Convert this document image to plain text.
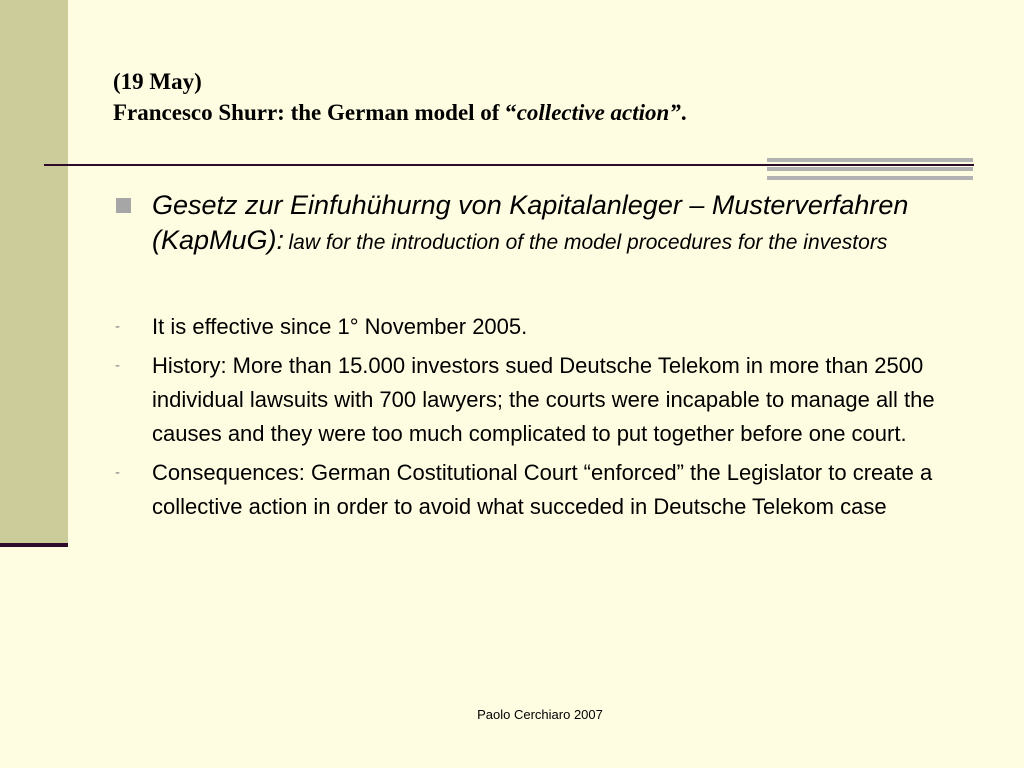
(19 May)
Francesco Shurr: the German model of “collective action”.
Gesetz zur Einfuhühurng von Kapitalanleger – Musterverfahren (KapMuG): law for the introduction of the model procedures for the investors
- It is effective since 1° November 2005.
- History: More than 15.000 investors sued Deutsche Telekom in more than 2500 individual lawsuits with 700 lawyers; the courts were incapable to manage all the causes and they were too much complicated to put together before one court.
- Consequences: German Costitutional Court “enforced” the Legislator to create a collective action in order to avoid what succeded in Deutsche Telekom case
Paolo Cerchiaro 2007
